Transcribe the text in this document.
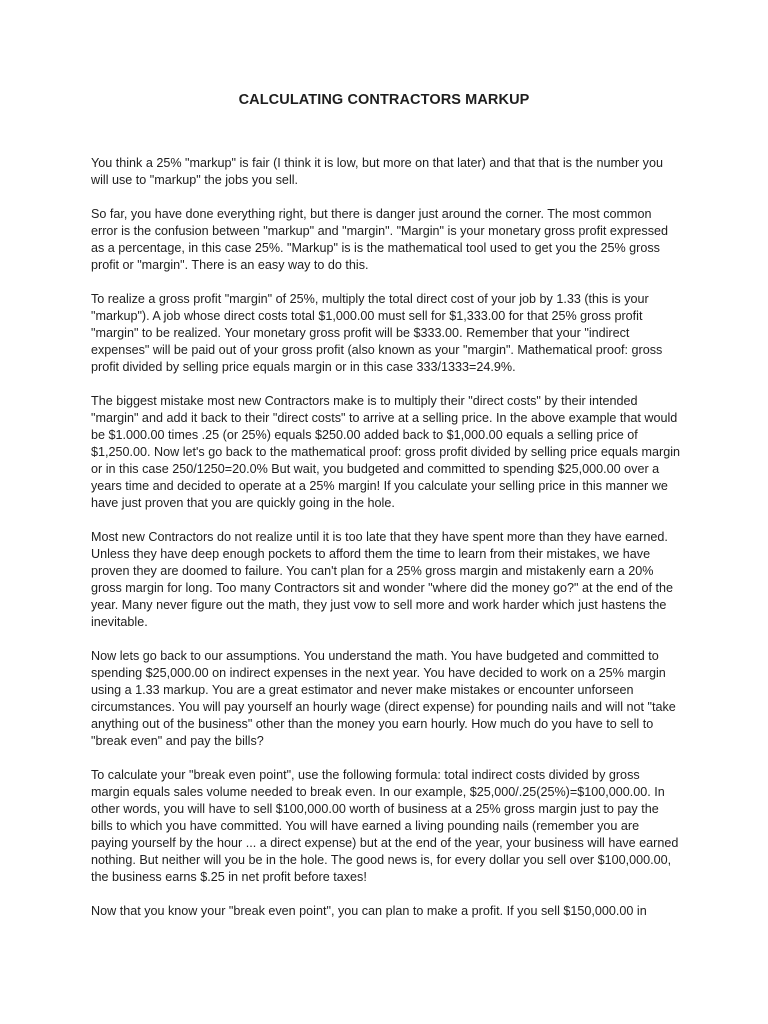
CALCULATING CONTRACTORS MARKUP

You think a 25% "markup" is fair (I think it is low, but more on that later) and that that is the number you
will use to "markup" the jobs you sell.

So far, you have done everything right, but there is danger just around the corner. The most common
error is the confusion between "markup" and "margin". "Margin" is your monetary gross profit expressed
as a percentage, in this case 25%. "Markup" is is the mathematical tool used to get you the 25% gross
profit or "margin". There is an easy way to do this.

To realize a gross profit "margin" of 25%, multiply the total direct cost of your job by 1.33 (this is your
"markup"). A job whose direct costs total $1,000.00 must sell for $1,333.00 for that 25% gross profit
"margin" to be realized. Your monetary gross profit will be $333.00. Remember that your "indirect
expenses" will be paid out of your gross profit (also known as your "margin". Mathematical proof: gross
profit divided by selling price equals margin or in this case 333/1333=24.9%.

The biggest mistake most new Contractors make is to multiply their "direct costs" by their intended
"margin" and add it back to their "direct costs" to arrive at a selling price. In the above example that would
be $1.000.00 times .25 (or 25%) equals $250.00 added back to $1,000.00 equals a selling price of
$1,250.00. Now let's go back to the mathematical proof: gross profit divided by selling price equals margin
or in this case 250/1250=20.0% But wait, you budgeted and committed to spending $25,000.00 over a
years time and decided to operate at a 25% margin! If you calculate your selling price in this manner we
have just proven that you are quickly going in the hole.

Most new Contractors do not realize until it is too late that they have spent more than they have earned.
Unless they have deep enough pockets to afford them the time to learn from their mistakes, we have
proven they are doomed to failure. You can't plan for a 25% gross margin and mistakenly earn a 20%
gross margin for long. Too many Contractors sit and wonder "where did the money go?" at the end of the
year. Many never figure out the math, they just vow to sell more and work harder which just hastens the
inevitable.

Now lets go back to our assumptions. You understand the math. You have budgeted and committed to
spending $25,000.00 on indirect expenses in the next year. You have decided to work on a 25% margin
using a 1.33 markup. You are a great estimator and never make mistakes or encounter unforseen
circumstances. You will pay yourself an hourly wage (direct expense) for pounding nails and will not "take
anything out of the business" other than the money you earn hourly. How much do you have to sell to
"break even" and pay the bills?

To calculate your "break even point", use the following formula: total indirect costs divided by gross
margin equals sales volume needed to break even. In our example, $25,000/.25(25%)=$100,000.00. In
other words, you will have to sell $100,000.00 worth of business at a 25% gross margin just to pay the
bills to which you have committed. You will have earned a living pounding nails (remember you are
paying yourself by the hour ... a direct expense) but at the end of the year, your business will have earned
nothing. But neither will you be in the hole. The good news is, for every dollar you sell over $100,000.00,
the business earns $.25 in net profit before taxes!

Now that you know your "break even point", you can plan to make a profit. If you sell $150,000.00 in
